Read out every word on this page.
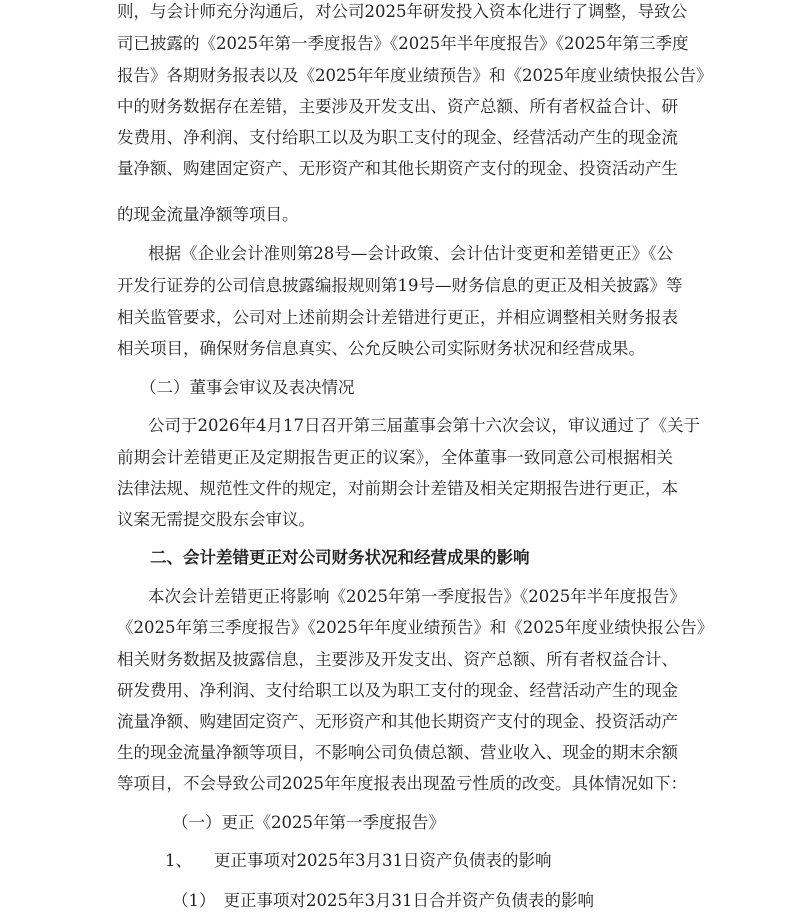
则，与会计师充分沟通后，对公司2025年研发投入资本化进行了调整，导致公
司已披露的《2025年第一季度报告》《2025年半年度报告》《2025年第三季度
报告》各期财务报表以及《2025年年度业绩预告》和《2025年度业绩快报公告》
中的财务数据存在差错，主要涉及开发支出、资产总额、所有者权益合计、研
发费用、净利润、支付给职工以及为职工支付的现金、经营活动产生的现金流
量净额、购建固定资产、无形资产和其他长期资产支付的现金、投资活动产生
的现金流量净额等项目。
根据《企业会计准则第28号—会计政策、会计估计变更和差错更正》《公
开发行证券的公司信息披露编报规则第19号—财务信息的更正及相关披露》等
相关监管要求，公司对上述前期会计差错进行更正，并相应调整相关财务报表
相关项目，确保财务信息真实、公允反映公司实际财务状况和经营成果。
（二）董事会审议及表决情况
公司于2026年4月17日召开第三届董事会第十六次会议，审议通过了《关于
前期会计差错更正及定期报告更正的议案》，全体董事一致同意公司根据相关
法律法规、规范性文件的规定，对前期会计差错及相关定期报告进行更正，本
议案无需提交股东会审议。
二、会计差错更正对公司财务状况和经营成果的影响
本次会计差错更正将影响《2025年第一季度报告》《2025年半年度报告》
《2025年第三季度报告》《2025年年度业绩预告》和《2025年度业绩快报公告》
相关财务数据及披露信息，主要涉及开发支出、资产总额、所有者权益合计、
研发费用、净利润、支付给职工以及为职工支付的现金、经营活动产生的现金
流量净额、购建固定资产、无形资产和其他长期资产支付的现金、投资活动产
生的现金流量净额等项目，不影响公司负债总额、营业收入、现金的期末余额
等项目，不会导致公司2025年年度报表出现盈亏性质的改变。具体情况如下：
（一）更正《2025年第一季度报告》
1、 更正事项对2025年3月31日资产负债表的影响
（1） 更正事项对2025年3月31日合并资产负债表的影响
